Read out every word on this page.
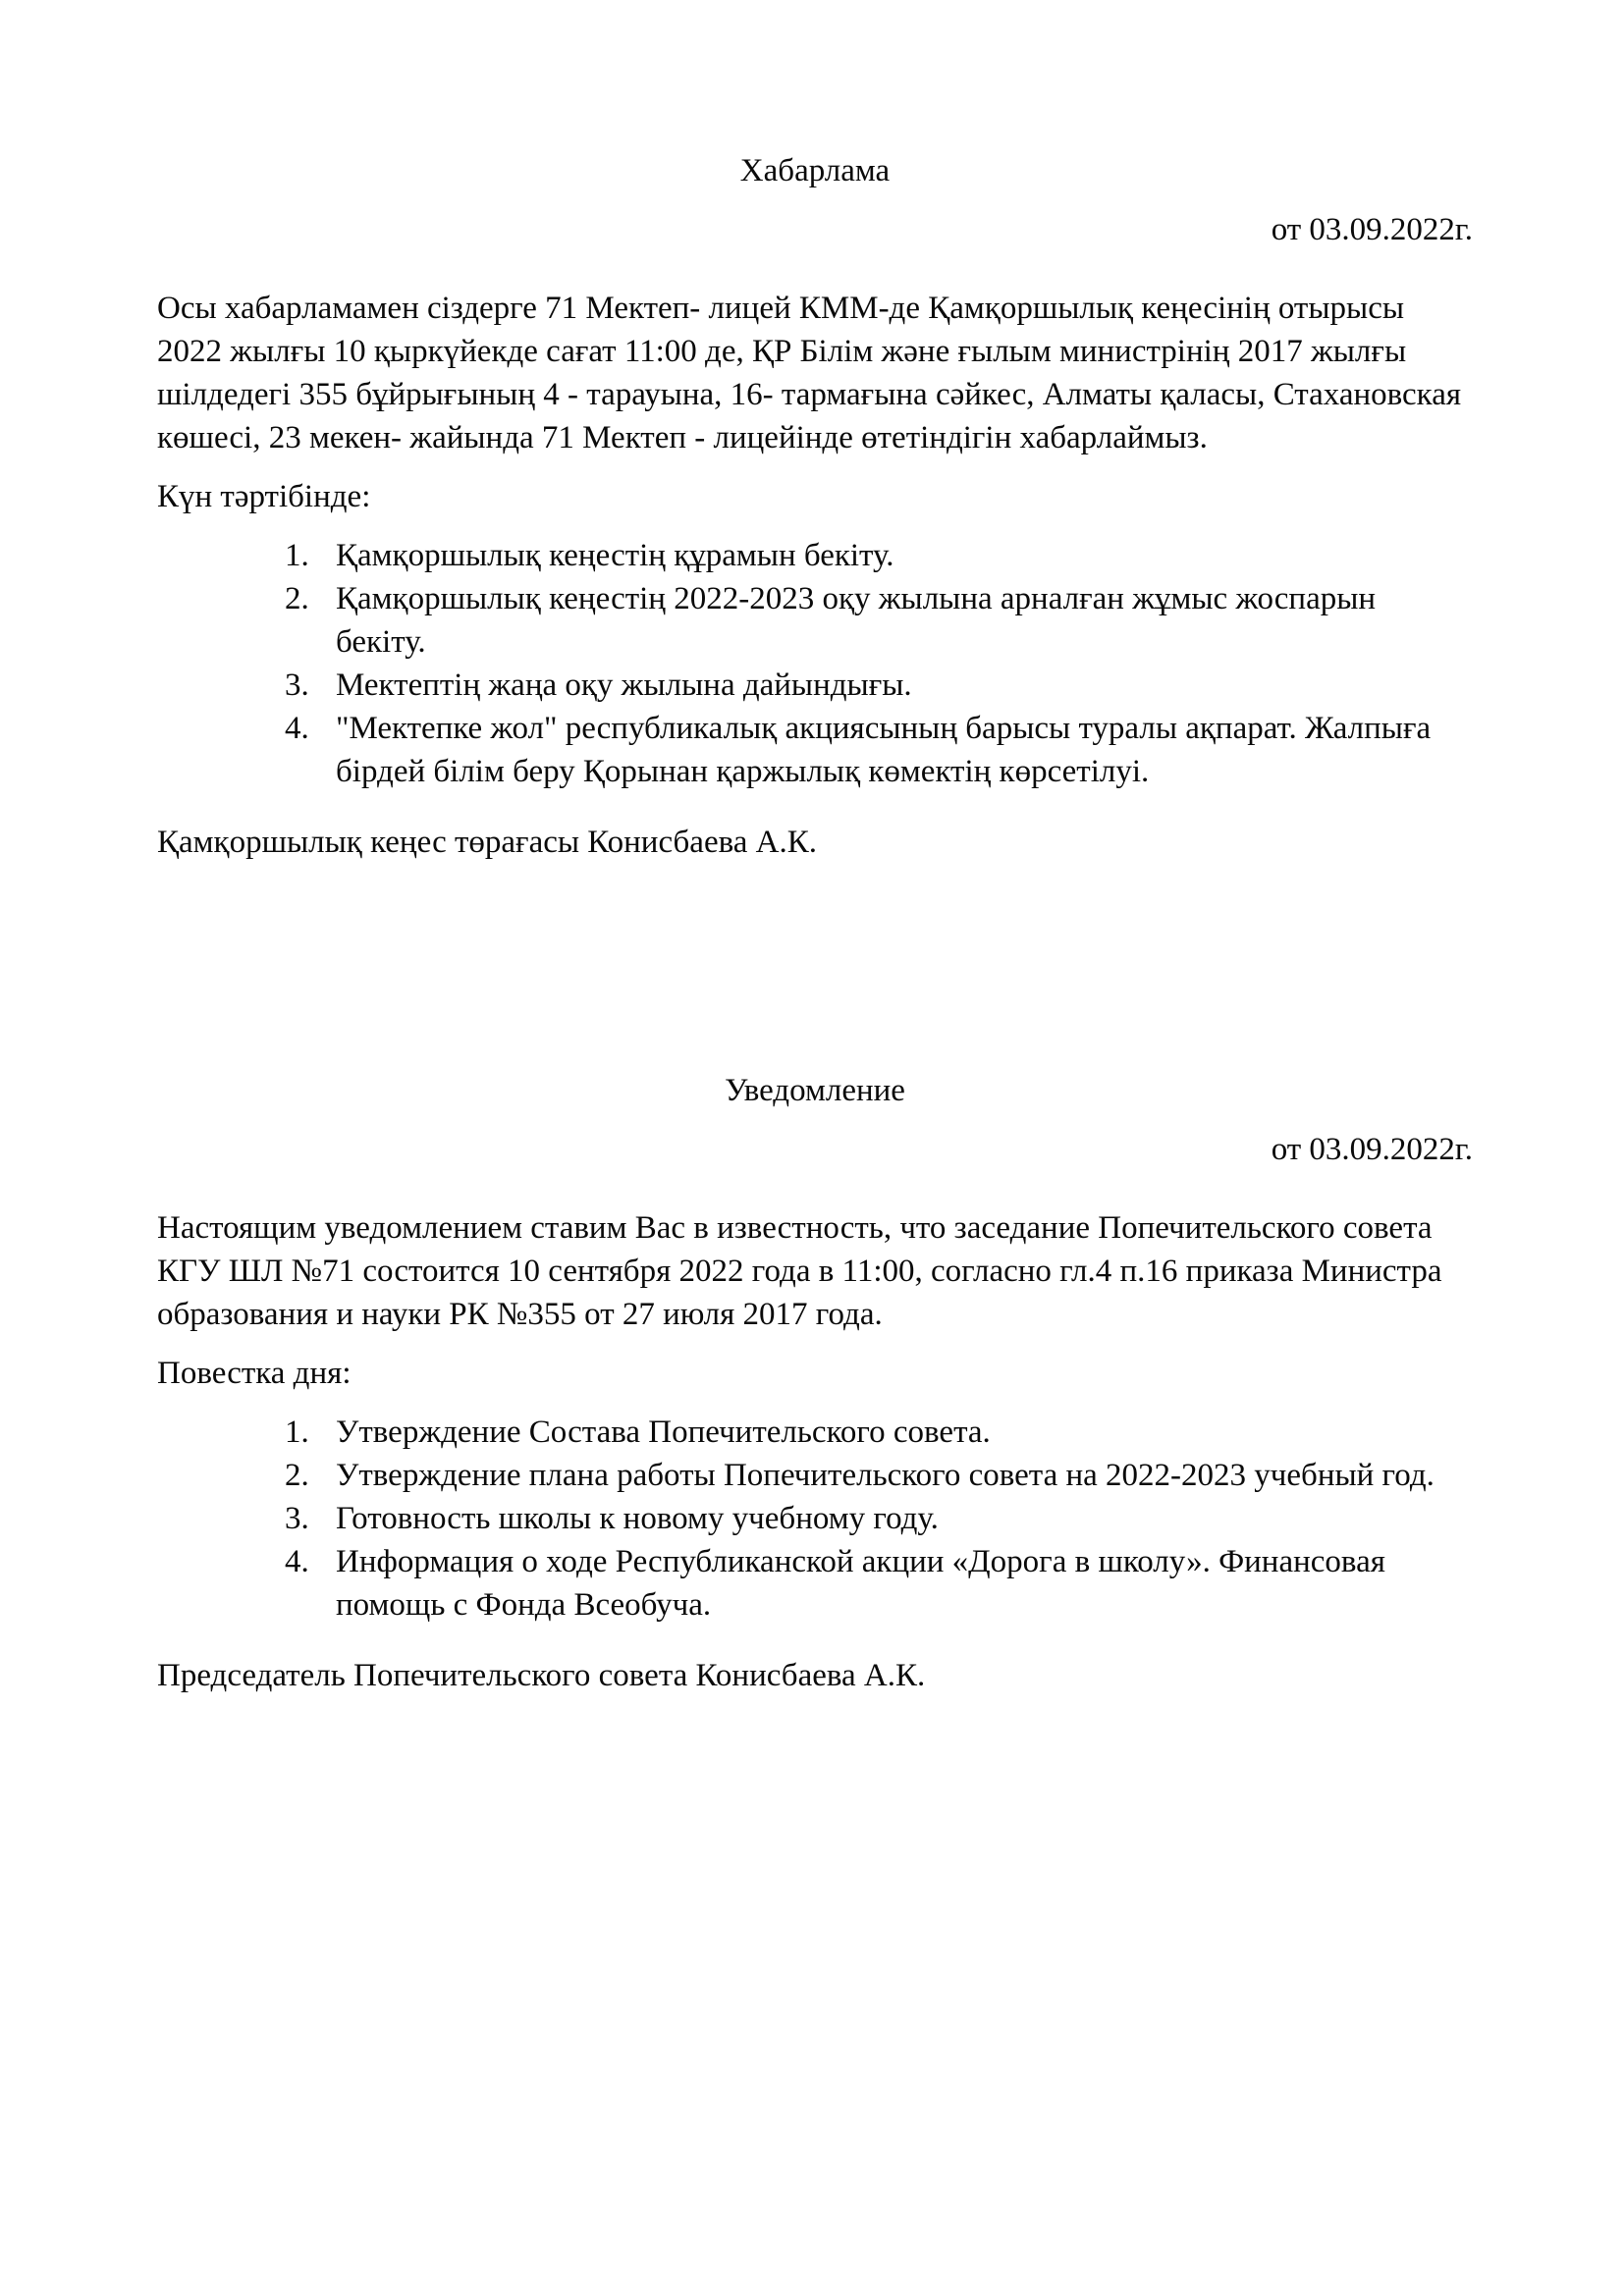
Хабарлама

от 03.09.2022г.

Осы хабарламамен сіздерге 71 Мектеп- лицей КММ-де Қамқоршылық кеңесінің отырысы 2022 жылғы 10 қыркүйекде сағат 11:00 де, ҚР Білім және ғылым министрінің 2017 жылғы шілдедегі 355 бұйрығының 4 - тарауына, 16- тармағына сәйкес, Алматы қаласы, Стахановская көшесі, 23 мекен- жайында 71 Мектеп - лицейінде өтетіндігін хабарлаймыз.

Күн тәртібінде:

1. Қамқоршылық кеңестің құрамын бекіту.
2. Қамқоршылық кеңестің 2022-2023 оқу жылына арналған жұмыс жоспарын бекіту.
3. Мектептің жаңа оқу жылына дайындығы.
4. "Мектепке жол" республикалық акциясының барысы туралы ақпарат. Жалпыға бірдей білім беру Қорынан қаржылық көмектің көрсетілуі.

Қамқоршылық кеңес төрағасы Конисбаева А.К.

Уведомление

от 03.09.2022г.

Настоящим уведомлением ставим Вас в известность, что заседание Попечительского совета КГУ ШЛ №71 состоится 10 сентября 2022 года в 11:00, согласно гл.4 п.16 приказа Министра образования и науки РК №355 от 27 июля 2017 года.

Повестка дня:

1. Утверждение Состава Попечительского совета.
2. Утверждение плана работы Попечительского совета на 2022-2023 учебный год.
3. Готовность школы к новому учебному году.
4. Информация о ходе Республиканской акции «Дорога в школу». Финансовая помощь с Фонда Всеобуча.

Председатель Попечительского совета Конисбаева А.К.
